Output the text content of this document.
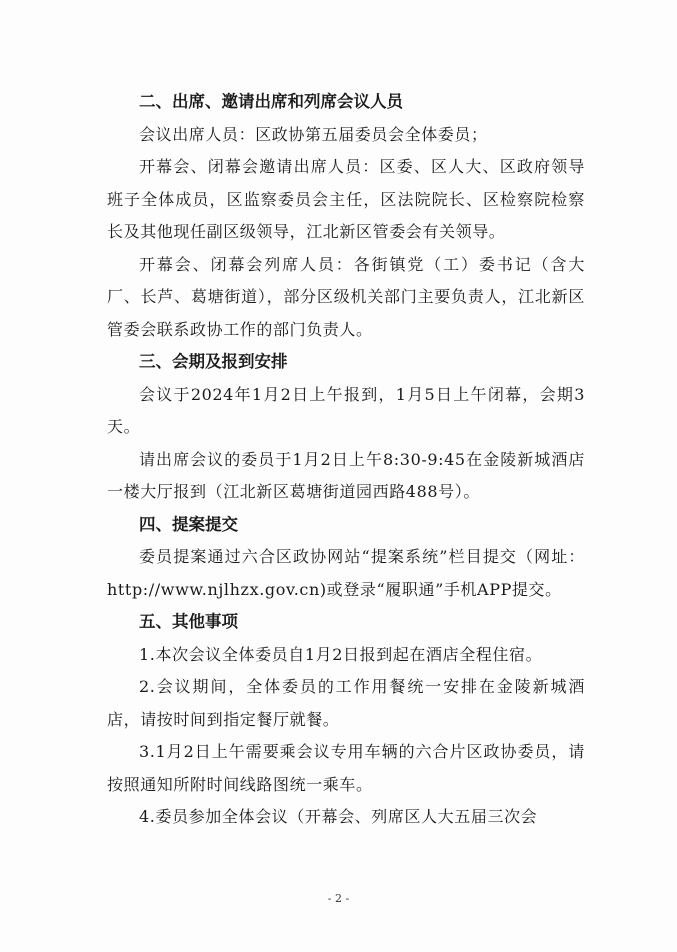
二、出席、邀请出席和列席会议人员

会议出席人员：区政协第五届委员会全体委员；

开幕会、闭幕会邀请出席人员：区委、区人大、区政府领导班子全体成员，区监察委员会主任，区法院院长、区检察院检察长及其他现任副区级领导，江北新区管委会有关领导。

开幕会、闭幕会列席人员：各街镇党（工）委书记（含大厂、长芦、葛塘街道），部分区级机关部门主要负责人，江北新区管委会联系政协工作的部门负责人。

三、会期及报到安排

会议于2024年1月2日上午报到，1月5日上午闭幕，会期3天。

请出席会议的委员于1月2日上午8:30-9:45在金陵新城酒店一楼大厅报到（江北新区葛塘街道园西路488号）。

四、提案提交

委员提案通过六合区政协网站“提案系统”栏目提交（网址：http://www.njlhzx.gov.cn)或登录“履职通”手机APP提交。

五、其他事项

1.本次会议全体委员自1月2日报到起在酒店全程住宿。

2.会议期间，全体委员的工作用餐统一安排在金陵新城酒店，请按时间到指定餐厅就餐。

3.1月2日上午需要乘会议专用车辆的六合片区政协委员，请按照通知所附时间线路图统一乘车。

4.委员参加全体会议（开幕会、列席区人大五届三次会

- 2 -
